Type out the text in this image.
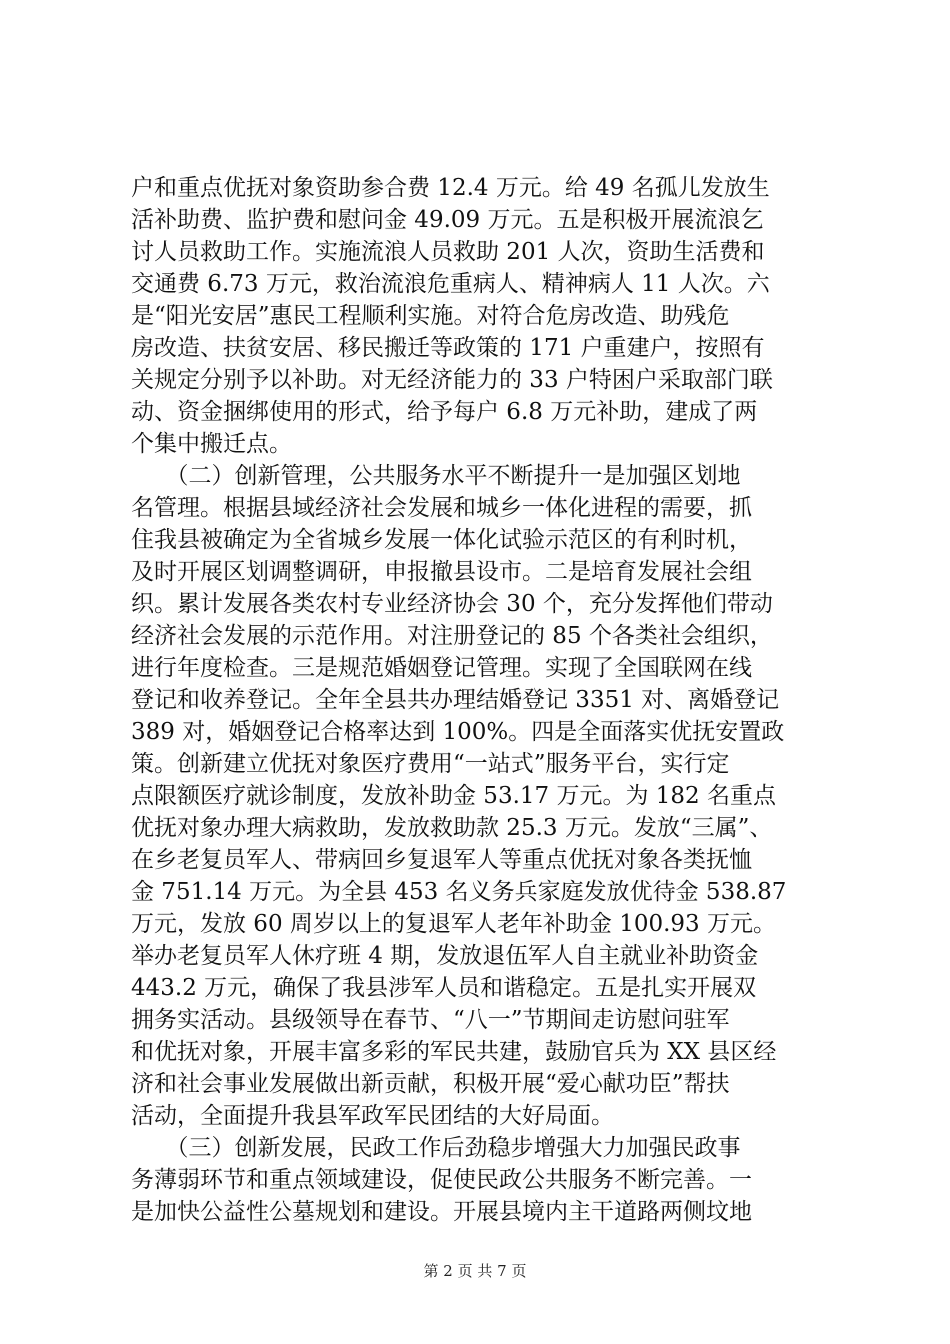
户和重点优抚对象资助参合费 12.4 万元。给 49 名孤儿发放生
活补助费、监护费和慰问金 49.09 万元。五是积极开展流浪乞
讨人员救助工作。实施流浪人员救助 201 人次，资助生活费和
交通费 6.73 万元，救治流浪危重病人、精神病人 11 人次。六
是“阳光安居”惠民工程顺利实施。对符合危房改造、助残危
房改造、扶贫安居、移民搬迁等政策的 171 户重建户，按照有
关规定分别予以补助。对无经济能力的 33 户特困户采取部门联
动、资金捆绑使用的形式，给予每户 6.8 万元补助，建成了两
个集中搬迁点。
　　（二）创新管理，公共服务水平不断提升一是加强区划地
名管理。根据县域经济社会发展和城乡一体化进程的需要，抓
住我县被确定为全省城乡发展一体化试验示范区的有利时机，
及时开展区划调整调研，申报撤县设市。二是培育发展社会组
织。累计发展各类农村专业经济协会 30 个，充分发挥他们带动
经济社会发展的示范作用。对注册登记的 85 个各类社会组织，
进行年度检查。三是规范婚姻登记管理。实现了全国联网在线
登记和收养登记。全年全县共办理结婚登记 3351 对、离婚登记
389 对，婚姻登记合格率达到 100%。四是全面落实优抚安置政
策。创新建立优抚对象医疗费用“一站式”服务平台，实行定
点限额医疗就诊制度，发放补助金 53.17 万元。为 182 名重点
优抚对象办理大病救助，发放救助款 25.3 万元。发放“三属”、
在乡老复员军人、带病回乡复退军人等重点优抚对象各类抚恤
金 751.14 万元。为全县 453 名义务兵家庭发放优待金 538.87
万元，发放 60 周岁以上的复退军人老年补助金 100.93 万元。
举办老复员军人休疗班 4 期，发放退伍军人自主就业补助资金
443.2 万元，确保了我县涉军人员和谐稳定。五是扎实开展双
拥务实活动。县级领导在春节、“八一”节期间走访慰问驻军
和优抚对象，开展丰富多彩的军民共建，鼓励官兵为 XX 县区经
济和社会事业发展做出新贡献，积极开展“爱心献功臣”帮扶
活动，全面提升我县军政军民团结的大好局面。
　　（三）创新发展，民政工作后劲稳步增强大力加强民政事
务薄弱环节和重点领域建设，促使民政公共服务不断完善。一
是加快公益性公墓规划和建设。开展县境内主干道路两侧坟地
第 2 页 共 7 页
